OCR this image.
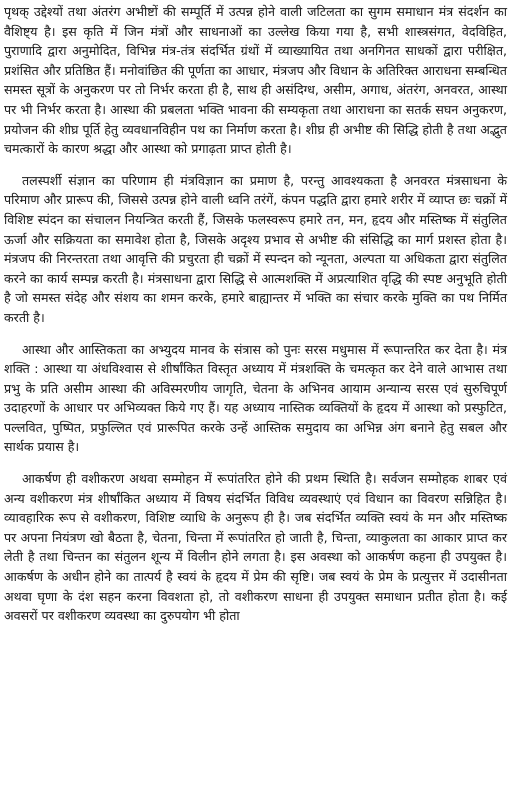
पृथक् उद्देश्यों तथा अंतरंग अभीष्टों की सम्पूर्ति में उत्पन्न होने वाली जटिलता का सुगम समाधान मंत्र संदर्शन का वैशिष्ट्य है। इस कृति में जिन मंत्रों और साधनाओं का उल्लेख किया गया है, सभी शास्त्रसंगत, वेदविहित, पुराणादि द्वारा अनुमोदित, विभिन्न मंत्र-तंत्र संदर्भित ग्रंथों में व्याख्यायित तथा अनगिनत साधकों द्वारा परीक्षित, प्रशंसित और प्रतिष्ठित हैं। मनोवांछित की पूर्णता का आधार, मंत्रजप और विधान के अतिरिक्त आराधना सम्बन्धित समस्त सूत्रों के अनुकरण पर तो निर्भर करता ही है, साथ ही असंदिग्ध, असीम, अगाध, अंतरंग, अनवरत, आस्था पर भी निर्भर करता है। आस्था की प्रबलता भक्ति भावना की सम्यकृता तथा आराधना का सतर्क सघन अनुकरण, प्रयोजन की शीघ्र पूर्ति हेतु व्यवधानविहीन पथ का निर्माण करता है। शीघ्र ही अभीष्ट की सिद्धि होती है तथा अद्भुत चमत्कारों के कारण श्रद्धा और आस्था को प्रगाढ़ता प्राप्त होती है।

तलस्पर्शी संज्ञान का परिणाम ही मंत्रविज्ञान का प्रमाण है, परन्तु आवश्यकता है अनवरत मंत्रसाधना के परिमाण और प्रारूप की, जिससे उत्पन्न होने वाली ध्वनि तरंगें, कंपन पद्धति द्वारा हमारे शरीर में व्याप्त छः चक्रों में विशिष्ट स्पंदन का संचालन नियन्त्रित करती हैं, जिसके फलस्वरूप हमारे तन, मन, हृदय और मस्तिष्क में संतुलित ऊर्जा और सक्रियता का समावेश होता है, जिसके अदृश्य प्रभाव से अभीष्ट की संसिद्धि का मार्ग प्रशस्त होता है। मंत्रजप की निरन्तरता तथा आवृत्ति की प्रचुरता ही चक्रों में स्पन्दन को न्यूनता, अल्पता या अधिकता द्वारा संतुलित करने का कार्य सम्पन्न करती है। मंत्रसाधना द्वारा सिद्धि से आत्मशक्ति में अप्रत्याशित वृद्धि की स्पष्ट अनुभूति होती है जो समस्त संदेह और संशय का शमन करके, हमारे बाह्यान्तर में भक्ति का संचार करके मुक्ति का पथ निर्मित करती है।

आस्था और आस्तिकता का अभ्युदय मानव के संत्रास को पुनः सरस मधुमास में रूपान्तरित कर देता है। मंत्र शक्ति : आस्था या अंधविश्वास से शीर्षांकित विस्तृत अध्याय में मंत्रशक्ति के चमत्कृत कर देने वाले आभास तथा प्रभु के प्रति असीम आस्था की अविस्मरणीय जागृति, चेतना के अभिनव आयाम अन्यान्य सरस एवं सुरुचिपूर्ण उदाहरणों के आधार पर अभिव्यक्त किये गए हैं। यह अध्याय नास्तिक व्यक्तियों के हृदय में आस्था को प्रस्फुटित, पल्लवित, पुष्पित, प्रफुल्लित एवं प्रारूपित करके उन्हें आस्तिक समुदाय का अभिन्न अंग बनाने हेतु सबल और सार्थक प्रयास है।

आकर्षण ही वशीकरण अथवा सम्मोहन में रूपांतरित होने की प्रथम स्थिति है। सर्वजन सम्मोहक शाबर एवं अन्य वशीकरण मंत्र शीर्षांकित अध्याय में विषय संदर्भित विविध व्यवस्थाएं एवं विधान का विवरण सन्निहित है। व्यावहारिक रूप से वशीकरण, विशिष्ट व्याधि के अनुरूप ही है। जब संदर्भित व्यक्ति स्वयं के मन और मस्तिष्क पर अपना नियंत्रण खो बैठता है, चेतना, चिन्ता में रूपांतरित हो जाती है, चिन्ता, व्याकुलता का आकार प्राप्त कर लेती है तथा चिन्तन का संतुलन शून्य में विलीन होने लगता है। इस अवस्था को आकर्षण कहना ही उपयुक्त है। आकर्षण के अधीन होने का तात्पर्य है स्वयं के हृदय में प्रेम की सृष्टि। जब स्वयं के प्रेम के प्रत्युत्तर में उदासीनता अथवा घृणा के दंश सहन करना विवशता हो, तो वशीकरण साधना ही उपयुक्त समाधान प्रतीत होता है। कई अवसरों पर वशीकरण व्यवस्था का दुरुपयोग भी होता
